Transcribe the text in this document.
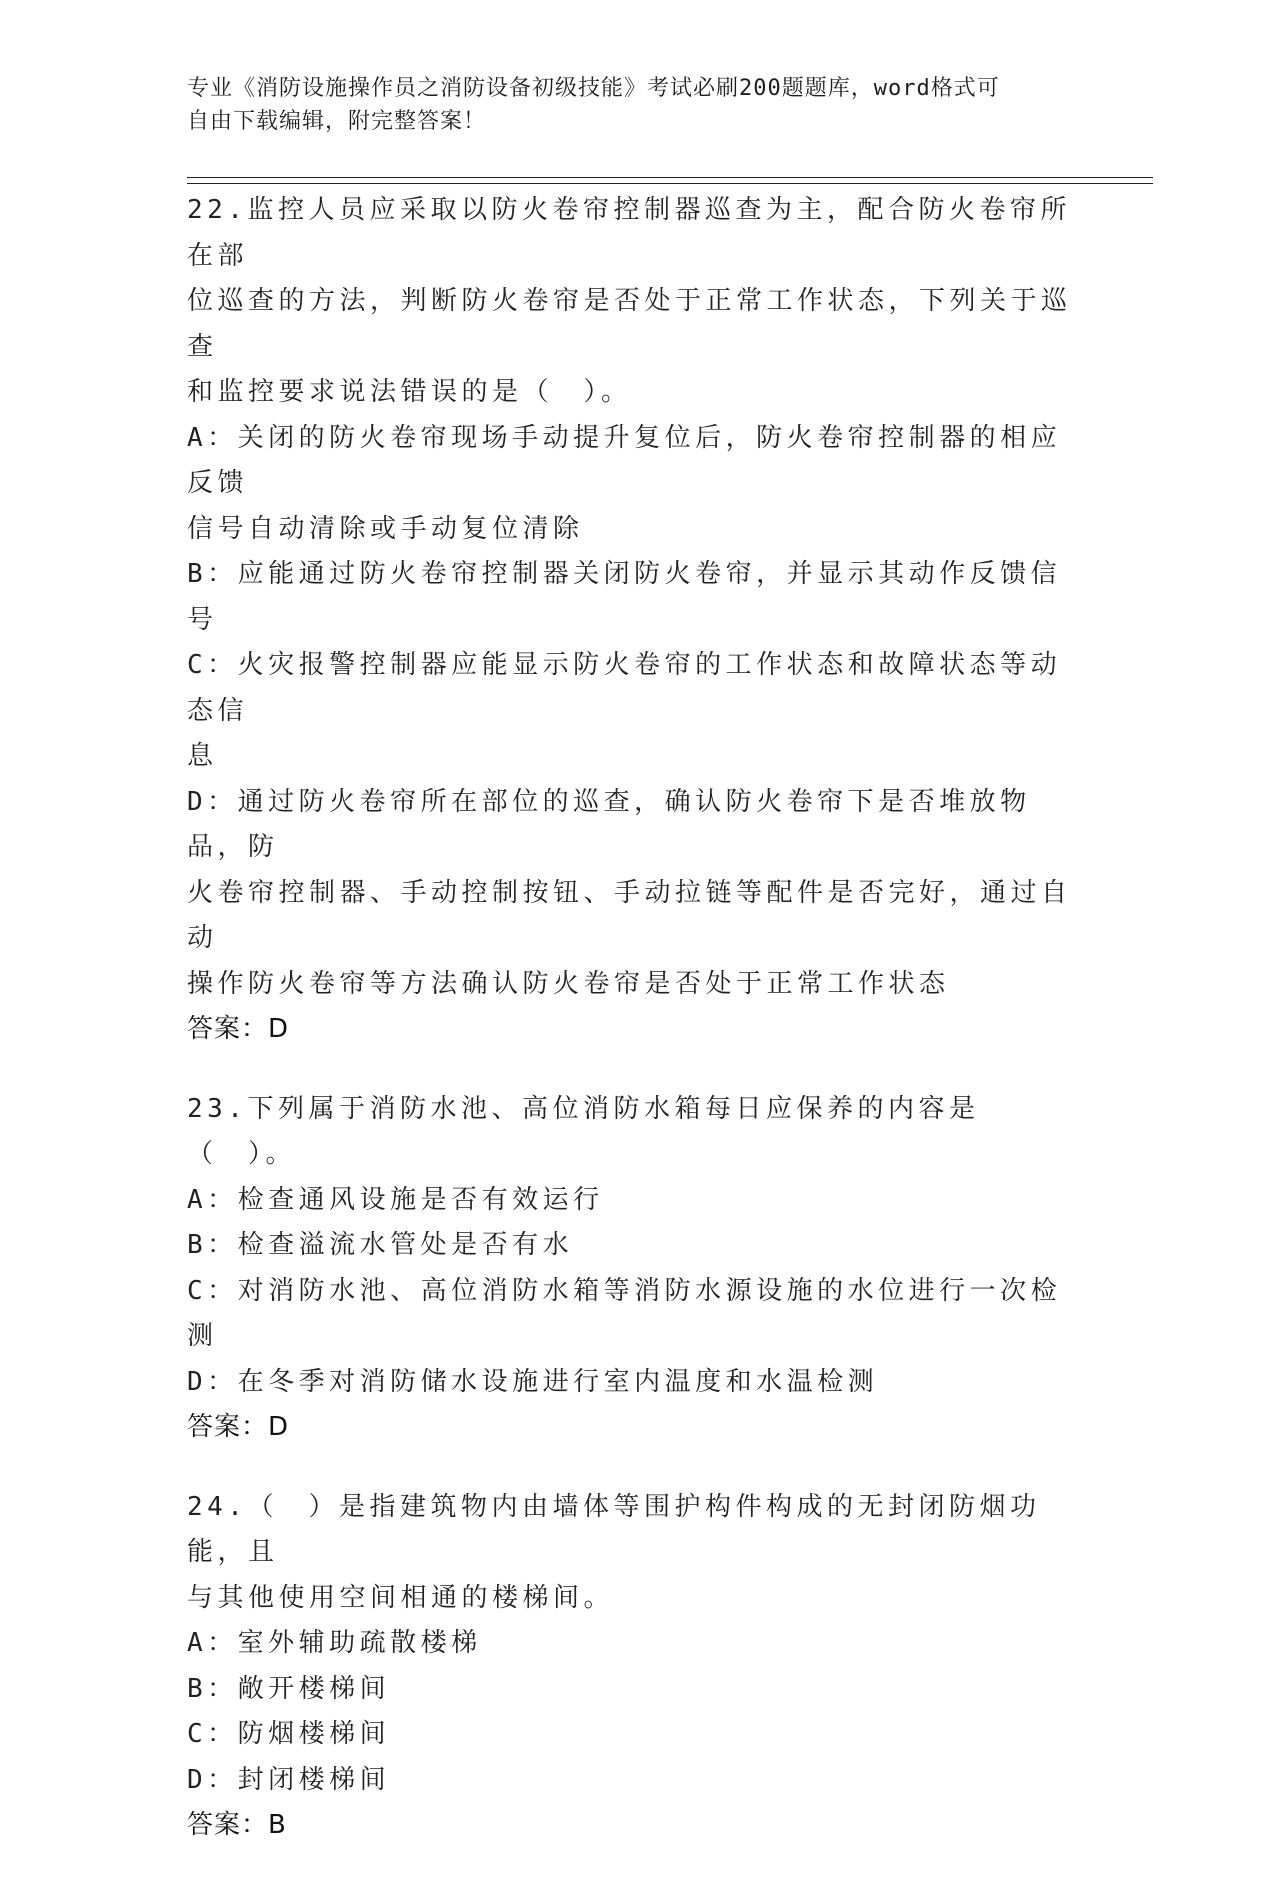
专业《消防设施操作员之消防设备初级技能》考试必刷200题题库，word格式可
自由下载编辑，附完整答案！
22.监控人员应采取以防火卷帘控制器巡查为主，配合防火卷帘所在部
位巡查的方法，判断防火卷帘是否处于正常工作状态，下列关于巡查
和监控要求说法错误的是（　）。
A：关闭的防火卷帘现场手动提升复位后，防火卷帘控制器的相应反馈
信号自动清除或手动复位清除
B：应能通过防火卷帘控制器关闭防火卷帘，并显示其动作反馈信号
C：火灾报警控制器应能显示防火卷帘的工作状态和故障状态等动态信
息
D：通过防火卷帘所在部位的巡查，确认防火卷帘下是否堆放物品，防
火卷帘控制器、手动控制按钮、手动拉链等配件是否完好，通过自动
操作防火卷帘等方法确认防火卷帘是否处于正常工作状态
答案：D
23.下列属于消防水池、高位消防水箱每日应保养的内容是（　）。
A：检查通风设施是否有效运行
B：检查溢流水管处是否有水
C：对消防水池、高位消防水箱等消防水源设施的水位进行一次检测
D：在冬季对消防储水设施进行室内温度和水温检测
答案：D
24.（　）是指建筑物内由墙体等围护构件构成的无封闭防烟功能，且
与其他使用空间相通的楼梯间。
A：室外辅助疏散楼梯
B：敞开楼梯间
C：防烟楼梯间
D：封闭楼梯间
答案：B
